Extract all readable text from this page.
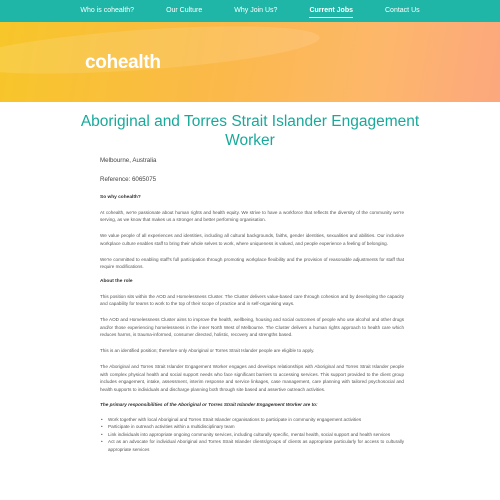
Who is cohealth?	Our Culture	Why Join Us?	Current Jobs	Contact Us
cohealth
Aboriginal and Torres Strait Islander Engagement Worker

Melbourne, Australia

Reference: 6065075

So why cohealth?

At cohealth, we're passionate about human rights and health equity. We strive to have a workforce that reflects the diversity of the community we're serving, as we know that makes us a stronger and better performing organisation.

We value people of all experiences and identities, including all cultural backgrounds, faiths, gender identities, sexualities and abilities. Our inclusive workplace culture enables staff to bring their whole selves to work, where uniqueness is valued, and people experience a feeling of belonging.

We're committed to enabling staff's full participation through promoting workplace flexibility and the provision of reasonable adjustments for staff that require modifications.

About the role

This position sits within the AOD and Homelessness Cluster. The Cluster delivers value-based care through cohesion and by developing the capacity and capability for teams to work to the top of their scope of practice and in self-organising ways.

The AOD and Homelessness Cluster aims to improve the health, wellbeing, housing and social outcomes of people who use alcohol and other drugs and/or those experiencing homelessness in the inner North West of Melbourne. The Cluster delivers a human rights approach to health care which reduces harms, is trauma-informed, consumer directed, holistic, recovery and strengths based.

This is an identified position; therefore only Aboriginal or Torres Strait Islander people are eligible to apply.

The Aboriginal and Torres Strait Islander Engagement Worker engages and develops relationships with Aboriginal and Torres Strait Islander people with complex physical health and social support needs who face significant barriers to accessing services. This support provided to the client group includes engagement, intake, assessment, interim response and service linkages, case management, care planning with tailored psychosocial and health supports to individuals and discharge planning both through site based and assertive outreach activities.

The primary responsibilities of the Aboriginal or Torres Strait Islander Engagement Worker are to:

• Work together with local Aboriginal and Torres Strait Islander organisations to participate in community engagement activities
• Participate in outreach activities within a multidisciplinary team
• Link individuals into appropriate ongoing community services, including culturally specific, mental health, social support and health services
• Act as an advocate for individual Aboriginal and Torres Strait Islander clients/groups of clients as appropriate particularly for access to culturally appropriate services
